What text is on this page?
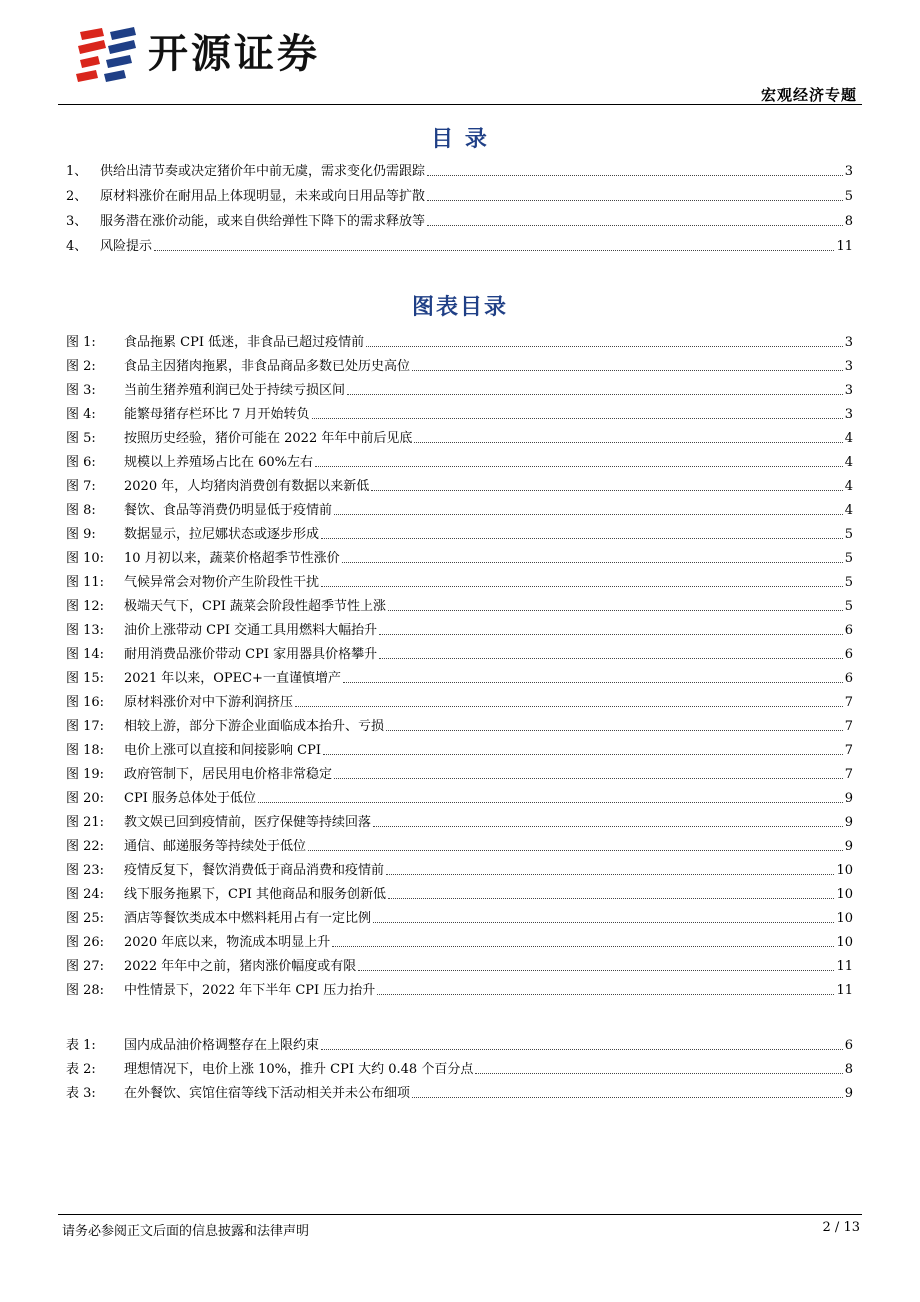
开源证券
宏观经济专题
目 录
1、 供给出清节奏或决定猪价年中前无虞，需求变化仍需跟踪	3
2、 原材料涨价在耐用品上体现明显，未来或向日用品等扩散	5
3、 服务潜在涨价动能，或来自供给弹性下降下的需求释放等	8
4、 风险提示	11
图表目录
图 1:	食品拖累 CPI 低迷，非食品已超过疫情前	3
图 2:	食品主因猪肉拖累，非食品商品多数已处历史高位	3
图 3:	当前生猪养殖利润已处于持续亏损区间	3
图 4:	能繁母猪存栏环比 7 月开始转负	3
图 5:	按照历史经验，猪价可能在 2022 年年中前后见底	4
图 6:	规模以上养殖场占比在 60%左右	4
图 7:	2020 年，人均猪肉消费创有数据以来新低	4
图 8:	餐饮、食品等消费仍明显低于疫情前	4
图 9:	数据显示，拉尼娜状态或逐步形成	5
图 10:	10 月初以来，蔬菜价格超季节性涨价	5
图 11:	气候异常会对物价产生阶段性干扰	5
图 12:	极端天气下，CPI 蔬菜会阶段性超季节性上涨	5
图 13:	油价上涨带动 CPI 交通工具用燃料大幅抬升	6
图 14:	耐用消费品涨价带动 CPI 家用器具价格攀升	6
图 15:	2021 年以来，OPEC+一直谨慎增产	6
图 16:	原材料涨价对中下游利润挤压	7
图 17:	相较上游，部分下游企业面临成本抬升、亏损	7
图 18:	电价上涨可以直接和间接影响 CPI	7
图 19:	政府管制下，居民用电价格非常稳定	7
图 20:	CPI 服务总体处于低位	9
图 21:	教文娱已回到疫情前，医疗保健等持续回落	9
图 22:	通信、邮递服务等持续处于低位	9
图 23:	疫情反复下，餐饮消费低于商品消费和疫情前	10
图 24:	线下服务拖累下，CPI 其他商品和服务创新低	10
图 25:	酒店等餐饮类成本中燃料耗用占有一定比例	10
图 26:	2020 年底以来，物流成本明显上升	10
图 27:	2022 年年中之前，猪肉涨价幅度或有限	11
图 28:	中性情景下，2022 年下半年 CPI 压力抬升	11
表 1:	国内成品油价格调整存在上限约束	6
表 2:	理想情况下，电价上涨 10%，推升 CPI 大约 0.48 个百分点	8
表 3:	在外餐饮、宾馆住宿等线下活动相关并未公布细项	9
请务必参阅正文后面的信息披露和法律声明	2 / 13
